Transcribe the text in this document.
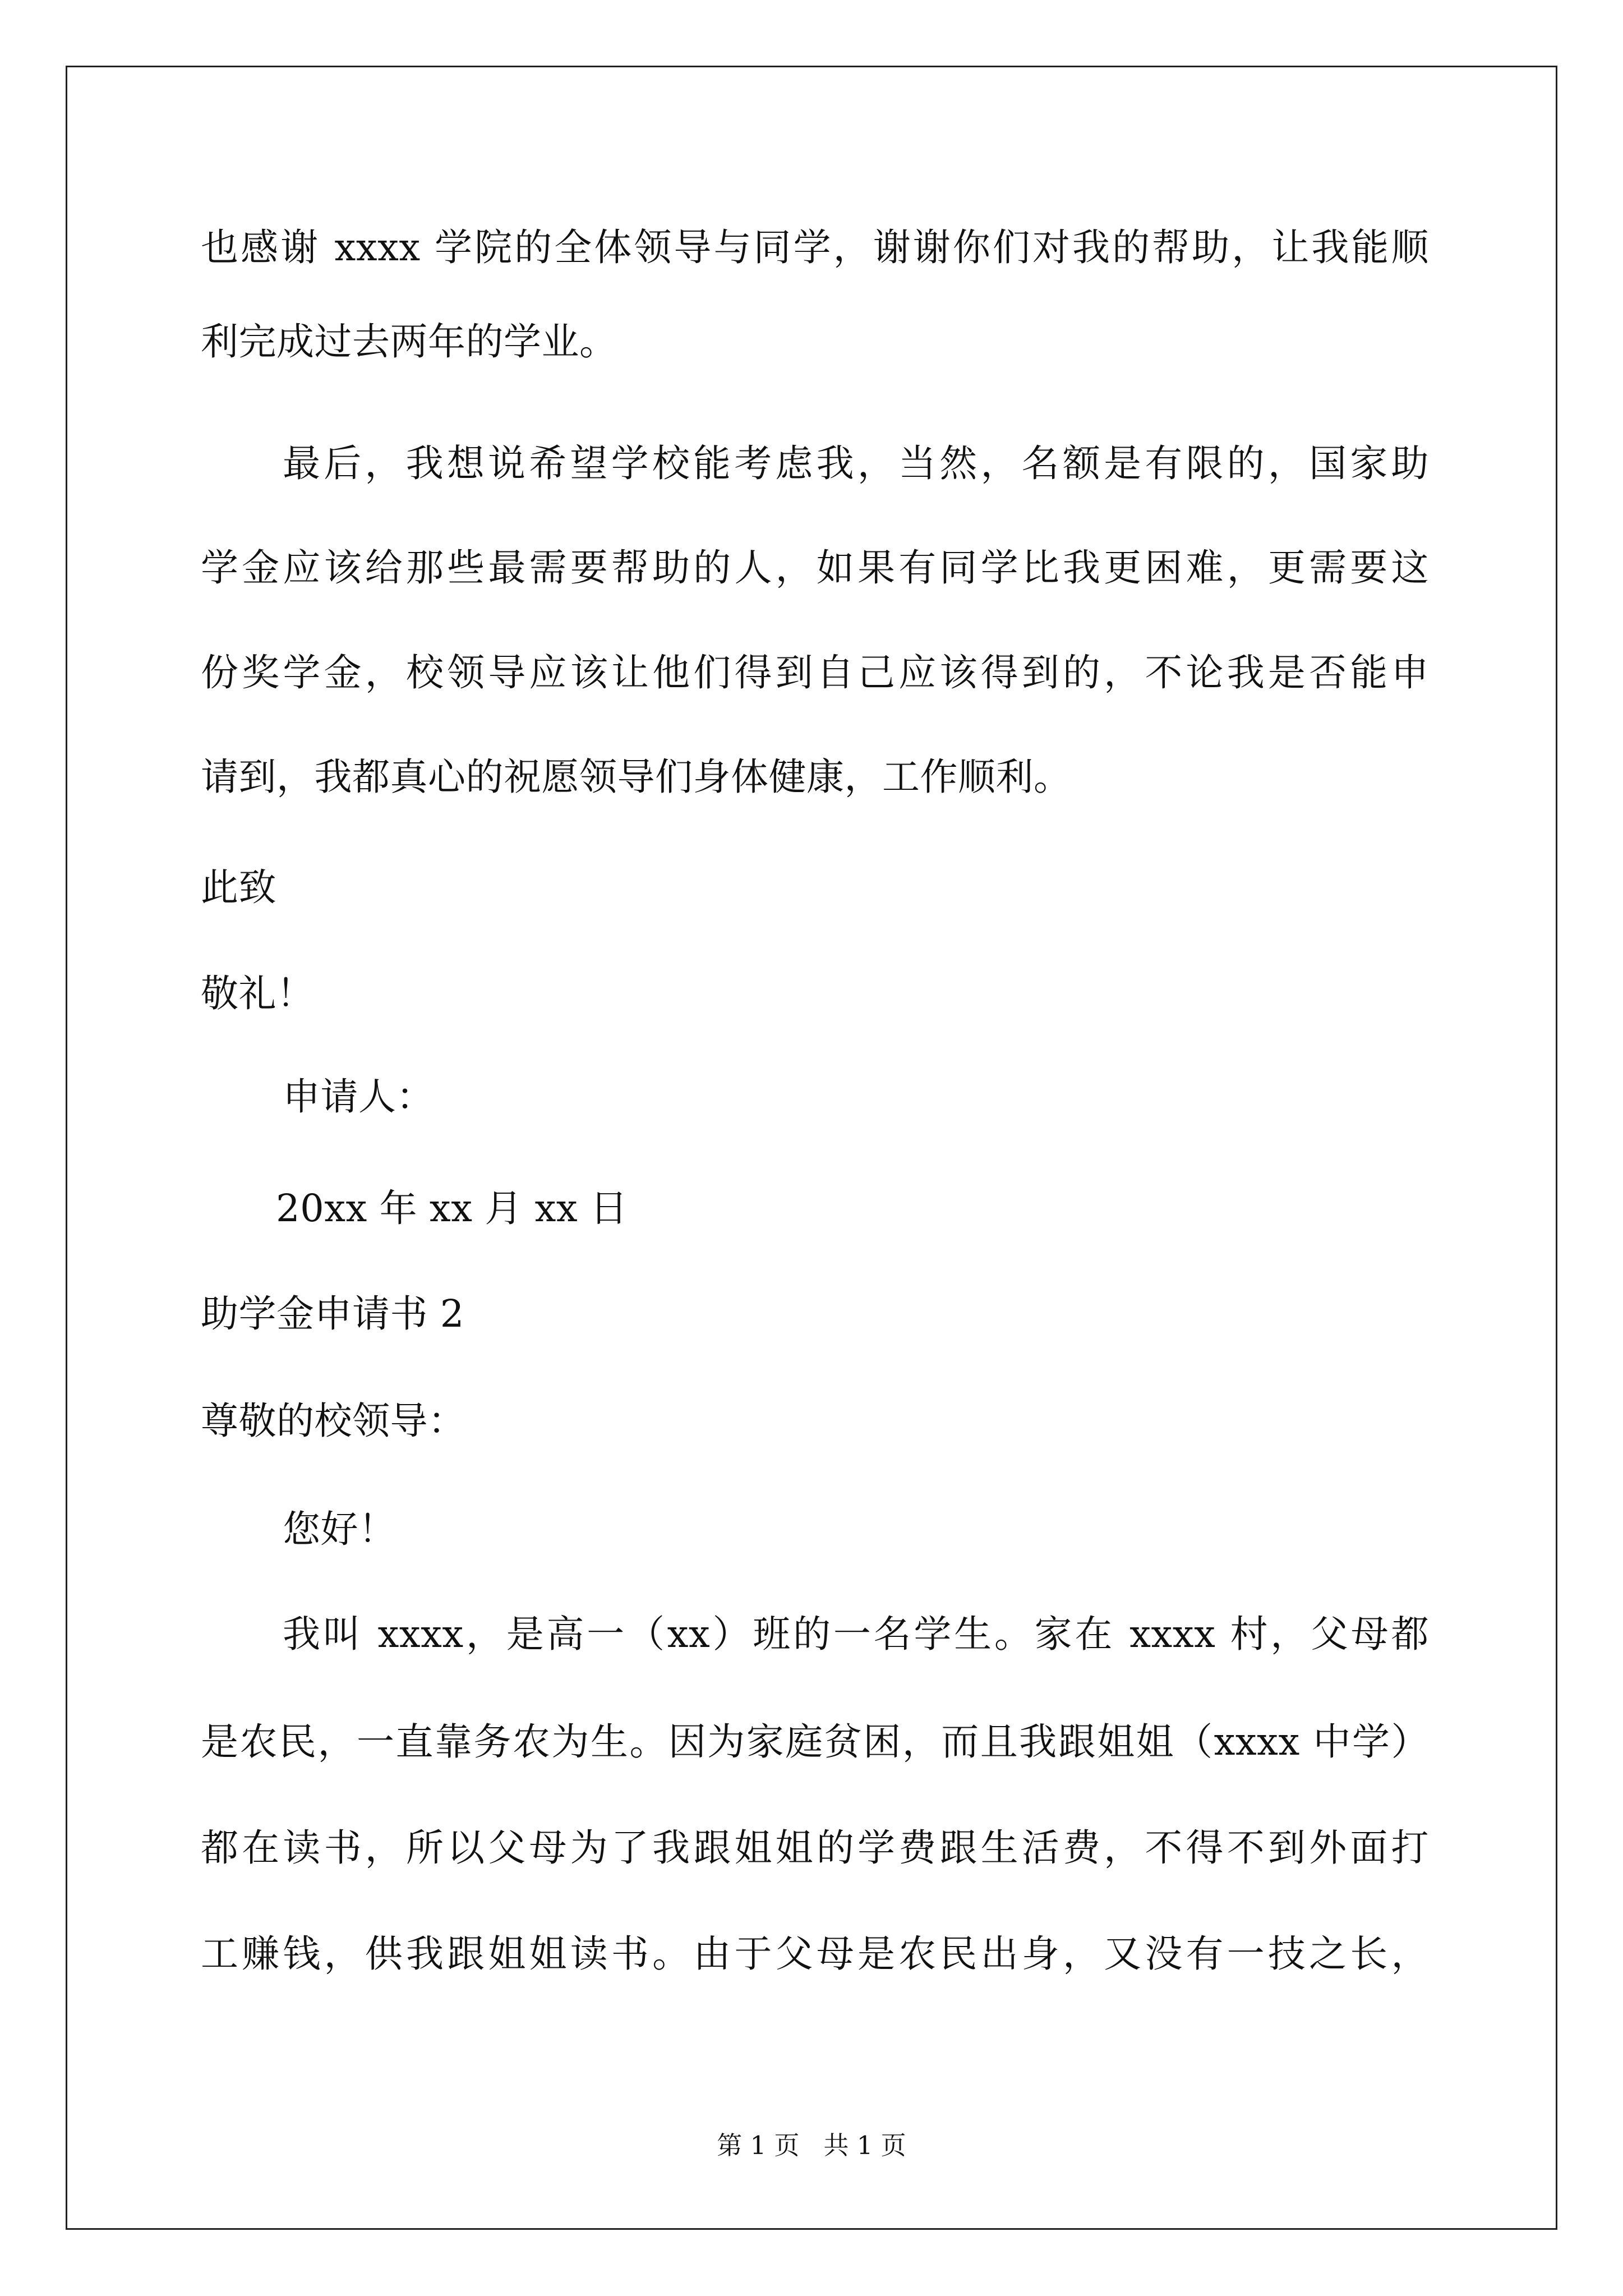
也感谢 xxxx 学院的全体领导与同学，谢谢你们对我的帮助，让我能顺
利完成过去两年的学业。
最后，我想说希望学校能考虑我，当然，名额是有限的，国家助
学金应该给那些最需要帮助的人，如果有同学比我更困难，更需要这
份奖学金，校领导应该让他们得到自己应该得到的，不论我是否能申
请到，我都真心的祝愿领导们身体健康，工作顺利。
此致
敬礼！
申请人：
20xx 年 xx 月 xx 日
助学金申请书 2
尊敬的校领导：
您好！
我叫 xxxx，是高一（xx）班的一名学生。家在 xxxx 村，父母都
是农民，一直靠务农为生。因为家庭贫困，而且我跟姐姐（xxxx 中学）
都在读书，所以父母为了我跟姐姐的学费跟生活费，不得不到外面打
工赚钱，供我跟姐姐读书。由于父母是农民出身，又没有一技之长，
第 1 页   共 1 页
